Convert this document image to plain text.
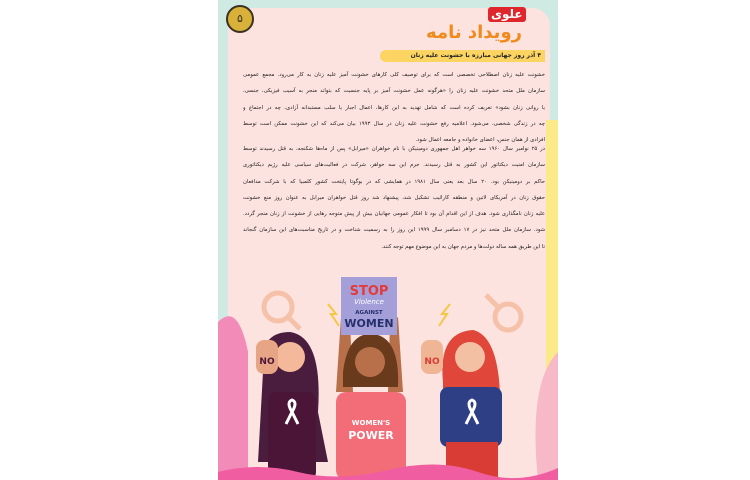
۵	علوی
رویداد نامه
۴ آذر روز جهانی مبارزه با خشونت علیه زنان
خشونت علیه زنان اصطلاحی تخصصی است که برای توصیف کلی کارهای خشونت آمیز علیه زنان به کار می‌رود. مجمع عمومی
سازمان ملل متحد خشونت علیه زنان را «هرگونه عمل خشونت آمیز بر پایه جنسیت که بتواند منجر به آسیب فیزیکی، جنسی،
یا روانی زنان بشود» تعریف کرده است که شامل تهدید به این کارها، اعمال اجبار یا سلب مستبدانه آزادی، چه در اجتماع و
چه در زندگی شخصی، می‌شود. اعلامیه رفع خشونت علیه زنان در سال ۱۹۹۳ بیان می‌کند که این خشونت ممکن است توسط
افرادی از همان جنس، اعضای خانواده و جامعه اعمال شود.
در ۲۵ نوامبر سال ۱۹۶۰ سه خواهر اهل جمهوری دومینیکن با نام خواهران «میرابل» پس از ماه‌ها شکنجه، به قتل رسیدند توسط
سازمان امنیت دیکتاتور این کشور به قتل رسیدند. جرم این سه خواهر، شرکت در فعالیت‌های سیاسی علیه رژیم دیکتاتوری
حاکم بر دومینیکن بود. ۲۰ سال بعد یعنی سال ۱۹۸۱ در همایشی که در بوگوتا پایتخت کشور کلمبیا که با شرکت مدافعان
حقوق زنان در آمریکای لاتین و منطقه کارائیب تشکیل شد، پیشنهاد شد روز قتل خواهران میرابل به عنوان روز منع خشونت
علیه زنان نامگذاری شود. هدف از این اقدام آن بود تا افکار عمومی جهانیان بیش از پیش متوجه رهایی از خشونت از زنان منجر گردد.
شود. سازمان ملل متحد نیز در ۱۷ دسامبر سال ۱۹۹۹ این روز را به رسمیت شناخت و در تاریخ مناسبت‌های این سازمان گنجاند
تا این طریق همه ساله دولت‌ها و مردم جهان به این موضوع مهم توجه کنند.
NO
WOMEN'S
POWER
STOP
Violence
AGAINST
WOMEN
NO
